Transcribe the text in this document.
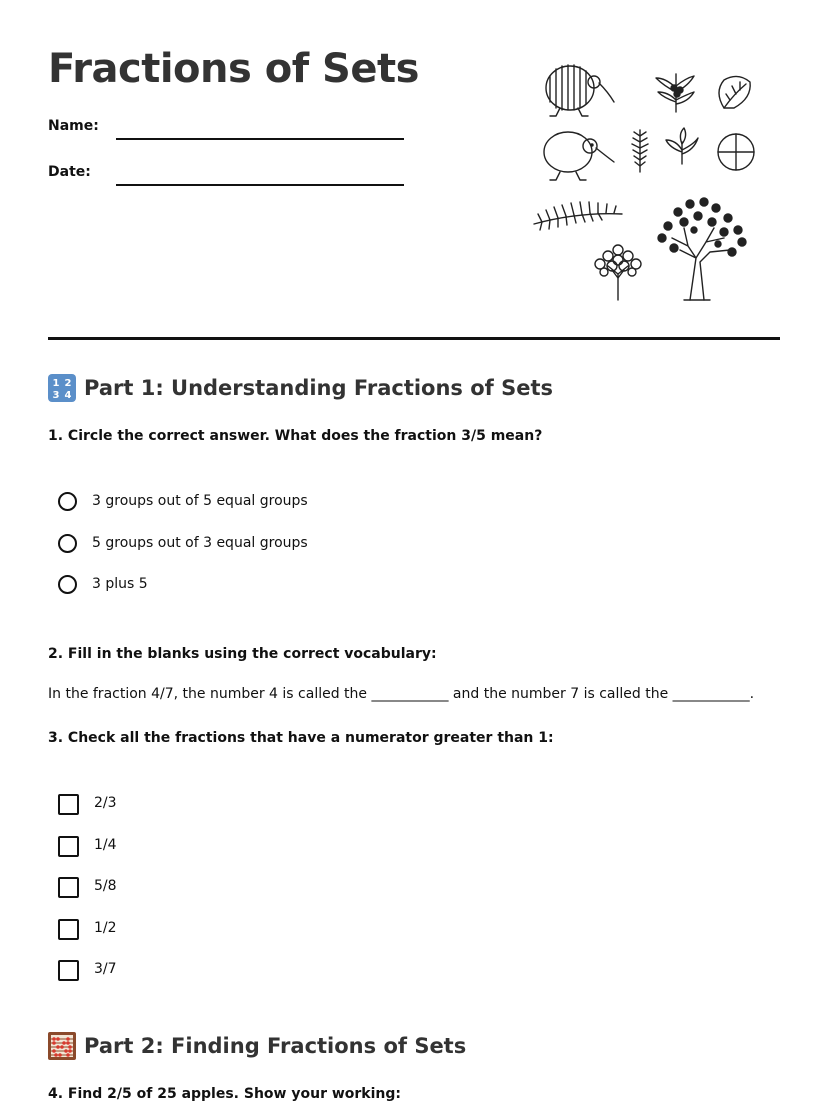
Fractions of Sets
Name:
Date:
1 2
3 4 Part 1: Understanding Fractions of Sets

1. Circle the correct answer. What does the fraction 3/5 mean?

3 groups out of 5 equal groups
5 groups out of 3 equal groups
3 plus 5

2. Fill in the blanks using the correct vocabulary:

In the fraction 4/7, the number 4 is called the ___________ and the number 7 is called the ___________.

3. Check all the fractions that have a numerator greater than 1:

2/3
1/4
5/8
1/2
3/7
Part 2: Finding Fractions of Sets

4. Find 2/5 of 25 apples. Show your working:
